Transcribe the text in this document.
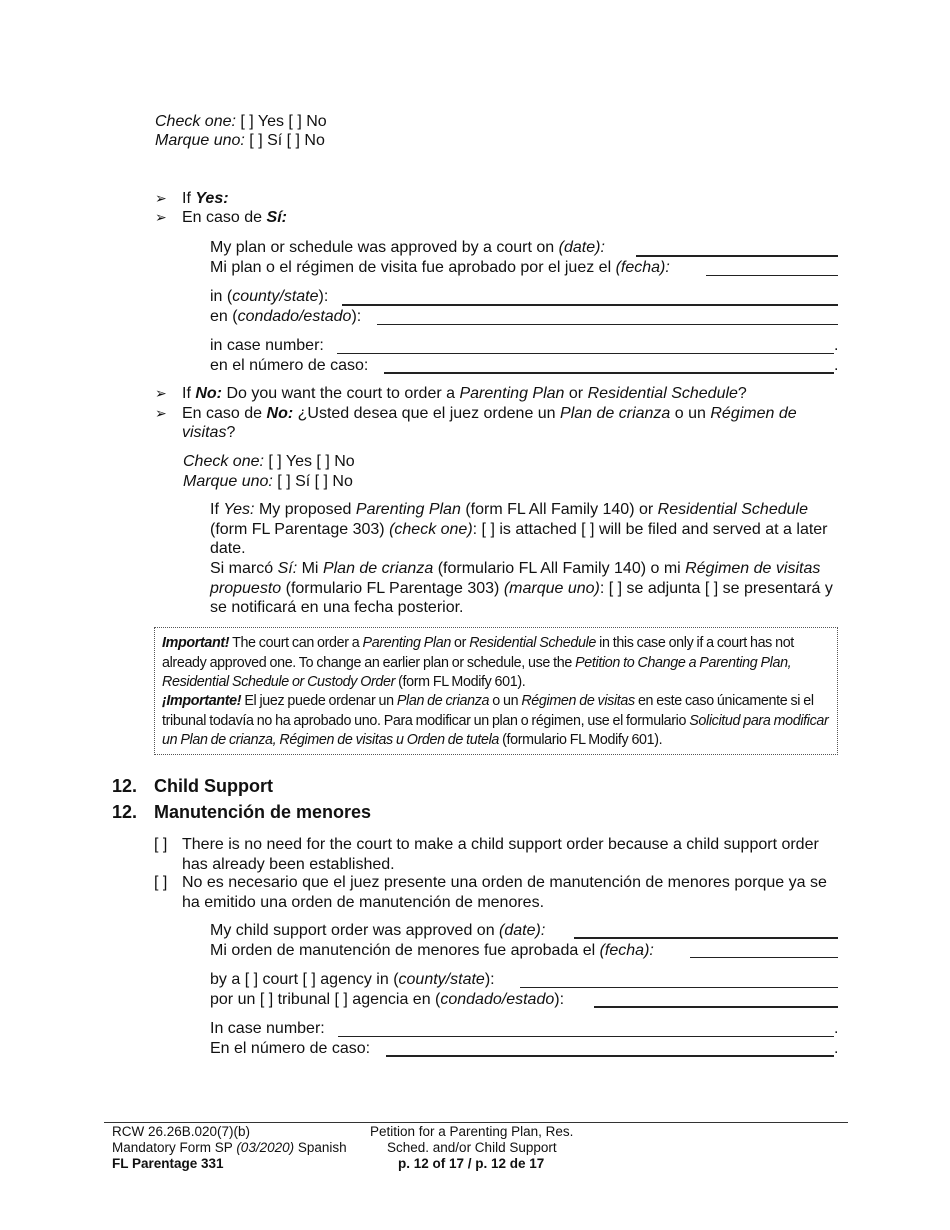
Check one: [ ] Yes [ ] No
Marque uno: [ ] Sí [ ] No
➢ If Yes:
➢ En caso de Sí:
My plan or schedule was approved by a court on (date):
Mi plan o el régimen de visita fue aprobado por el juez el (fecha):
in (county/state):
en (condado/estado):
in case number:	.
en el número de caso:	.
➢ If No: Do you want the court to order a Parenting Plan or Residential Schedule?
➢ En caso de No: ¿Usted desea que el juez ordene un Plan de crianza o un Régimen de
visitas?
Check one: [ ] Yes [ ] No
Marque uno: [ ] Sí [ ] No
If Yes: My proposed Parenting Plan (form FL All Family 140) or Residential Schedule (form FL Parentage 303) (check one): [ ] is attached [ ] will be filed and served at a later date.
Si marcó Sí: Mi Plan de crianza (formulario FL All Family 140) o mi Régimen de visitas propuesto (formulario FL Parentage 303) (marque uno): [ ] se adjunta [ ] se presentará y se notificará en una fecha posterior.
Important! The court can order a Parenting Plan or Residential Schedule in this case only if a court has not already approved one. To change an earlier plan or schedule, use the Petition to Change a Parenting Plan, Residential Schedule or Custody Order (form FL Modify 601).
¡Importante! El juez puede ordenar un Plan de crianza o un Régimen de visitas en este caso únicamente si el tribunal todavía no ha aprobado uno. Para modificar un plan o régimen, use el formulario Solicitud para modificar un Plan de crianza, Régimen de visitas u Orden de tutela (formulario FL Modify 601).
12. Child Support
12. Manutención de menores
[ ] There is no need for the court to make a child support order because a child support order has already been established.
[ ] No es necesario que el juez presente una orden de manutención de menores porque ya se ha emitido una orden de manutención de menores.
My child support order was approved on (date):
Mi orden de manutención de menores fue aprobada el (fecha):
by a [ ] court [ ] agency in (county/state):
por un [ ] tribunal [ ] agencia en (condado/estado):
In case number:	.
En el número de caso:	.
RCW 26.26B.020(7)(b)
Mandatory Form SP (03/2020) Spanish
FL Parentage 331
Petition for a Parenting Plan, Res.
Sched. and/or Child Support
p. 12 of 17 / p. 12 de 17
